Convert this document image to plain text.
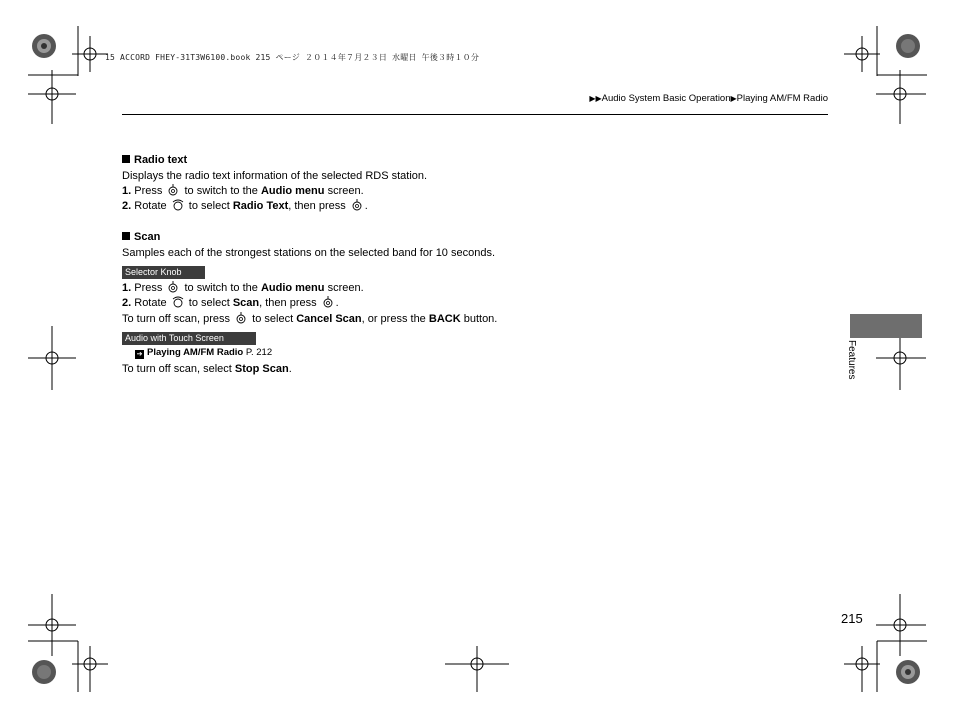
15 ACCORD FHEY-31T3W6100.book 215 ページ ２０１４年７月２３日 水曜日 午後３時１０分
▶▶Audio System Basic Operation▶Playing AM/FM Radio
Radio text
Displays the radio text information of the selected RDS station.
1. Press to switch to the Audio menu screen.
2. Rotate to select Radio Text, then press .
Scan
Samples each of the strongest stations on the selected band for 10 seconds.
Selector Knob
1. Press to switch to the Audio menu screen.
2. Rotate to select Scan, then press .
To turn off scan, press to select Cancel Scan, or press the BACK button.
Audio with Touch Screen
➔ Playing AM/FM Radio P. 212
To turn off scan, select Stop Scan.	Features
215
